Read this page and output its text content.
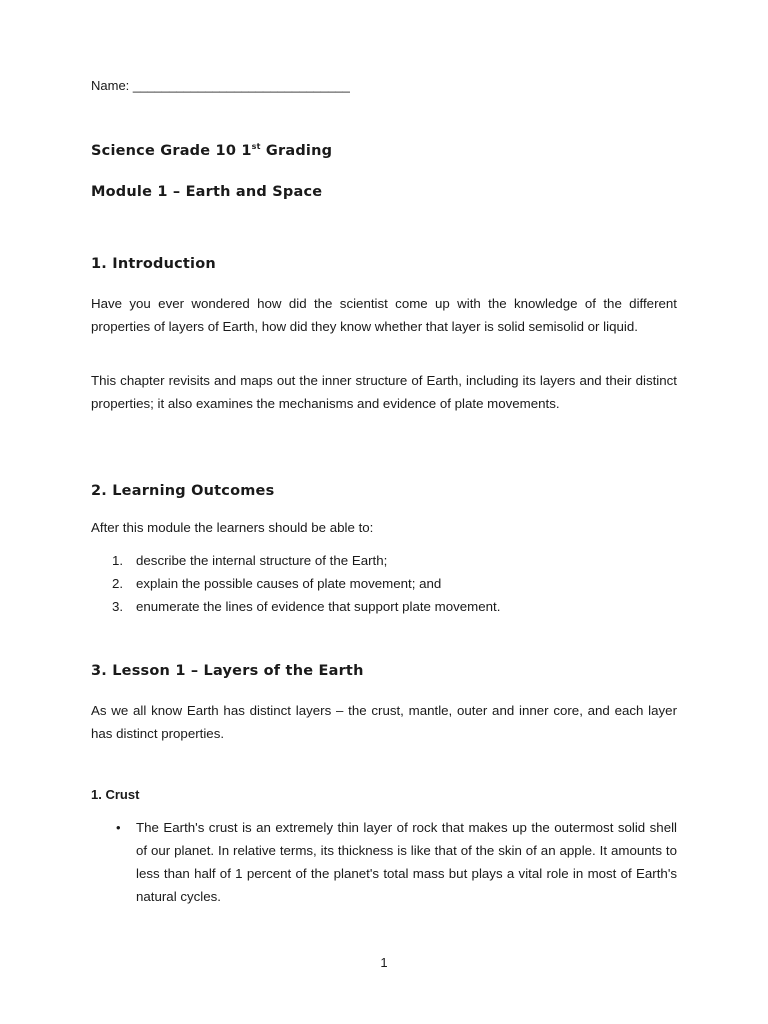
Name: ______________________________
Science Grade 10 1st Grading
Module 1 – Earth and Space
1. Introduction
Have you ever wondered how did the scientist come up with the knowledge of the different properties of layers of Earth, how did they know whether that layer is solid semisolid or liquid.
This chapter revisits and maps out the inner structure of Earth, including its layers and their distinct properties; it also examines the mechanisms and evidence of plate movements.
2. Learning Outcomes
After this module the learners should be able to:
1. describe the internal structure of the Earth;
2. explain the possible causes of plate movement; and
3. enumerate the lines of evidence that support plate movement.
3. Lesson 1 – Layers of the Earth
As we all know Earth has distinct layers – the crust, mantle, outer and inner core, and each layer has distinct properties.
1. Crust
• The Earth's crust is an extremely thin layer of rock that makes up the outermost solid shell of our planet. In relative terms, its thickness is like that of the skin of an apple. It amounts to less than half of 1 percent of the planet's total mass but plays a vital role in most of Earth's natural cycles.
1
